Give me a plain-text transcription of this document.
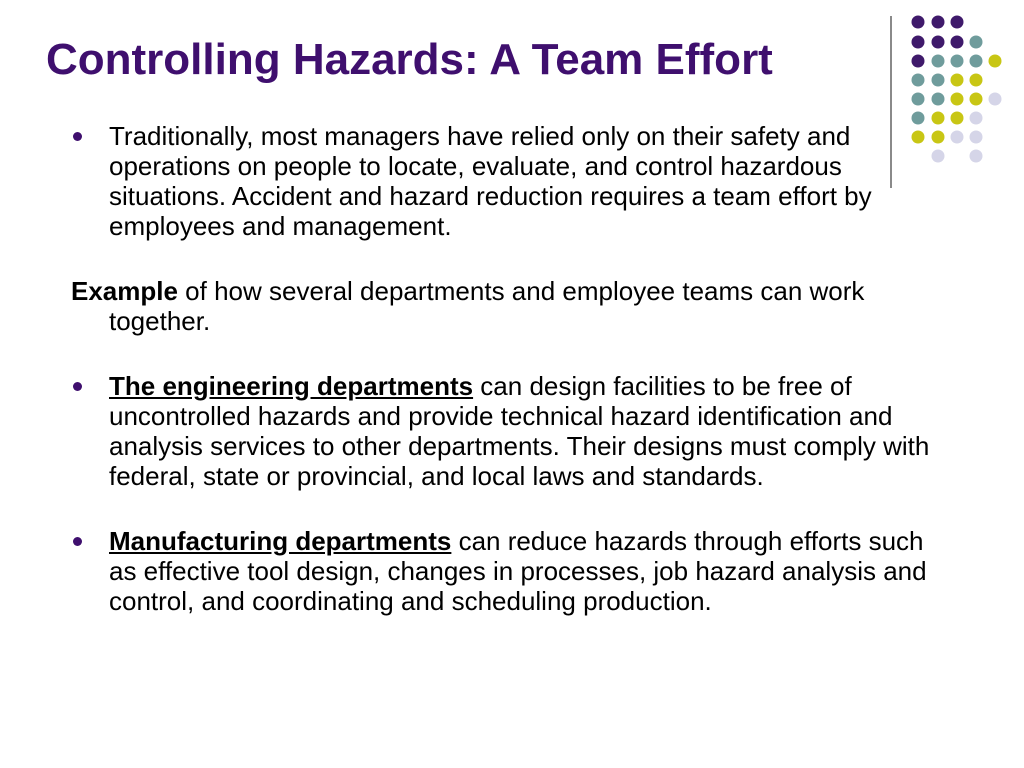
Controlling Hazards: A Team Effort
Traditionally, most managers have relied only on their safety and operations on people to locate, evaluate, and control hazardous situations. Accident and hazard reduction requires a team effort by employees and management.
Example of how several departments and employee teams can work together.
The engineering departments can design facilities to be free of uncontrolled hazards and provide technical hazard identification and analysis services to other departments. Their designs must comply with federal, state or provincial, and local laws and standards.
Manufacturing departments can reduce hazards through efforts such as effective tool design, changes in processes, job hazard analysis and control, and coordinating and scheduling production.
